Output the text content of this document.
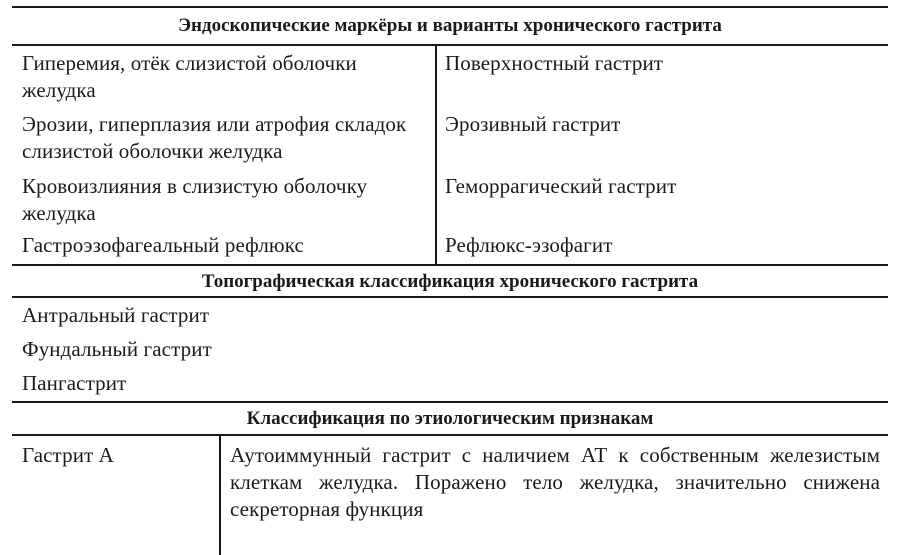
Эндоскопические маркёры и варианты хронического гастрита
Гиперемия, отёк слизистой оболочки желудка
Поверхностный гастрит
Эрозии, гиперплазия или атрофия складок слизистой оболочки желудка
Эрозивный гастрит
Кровоизлияния в слизистую оболочку желудка
Геморрагический гастрит
Гастроэзофагеальный рефлюкс	Рефлюкс-эзофагит
Топографическая классификация хронического гастрита
Антральный гастрит
Фундальный гастрит
Пангастрит
Классификация по этиологическим признакам
Гастрит А	Аутоиммунный гастрит с наличием АТ к собственным железистым клеткам желудка. Поражено тело желудка, значительно снижена секреторная функция
